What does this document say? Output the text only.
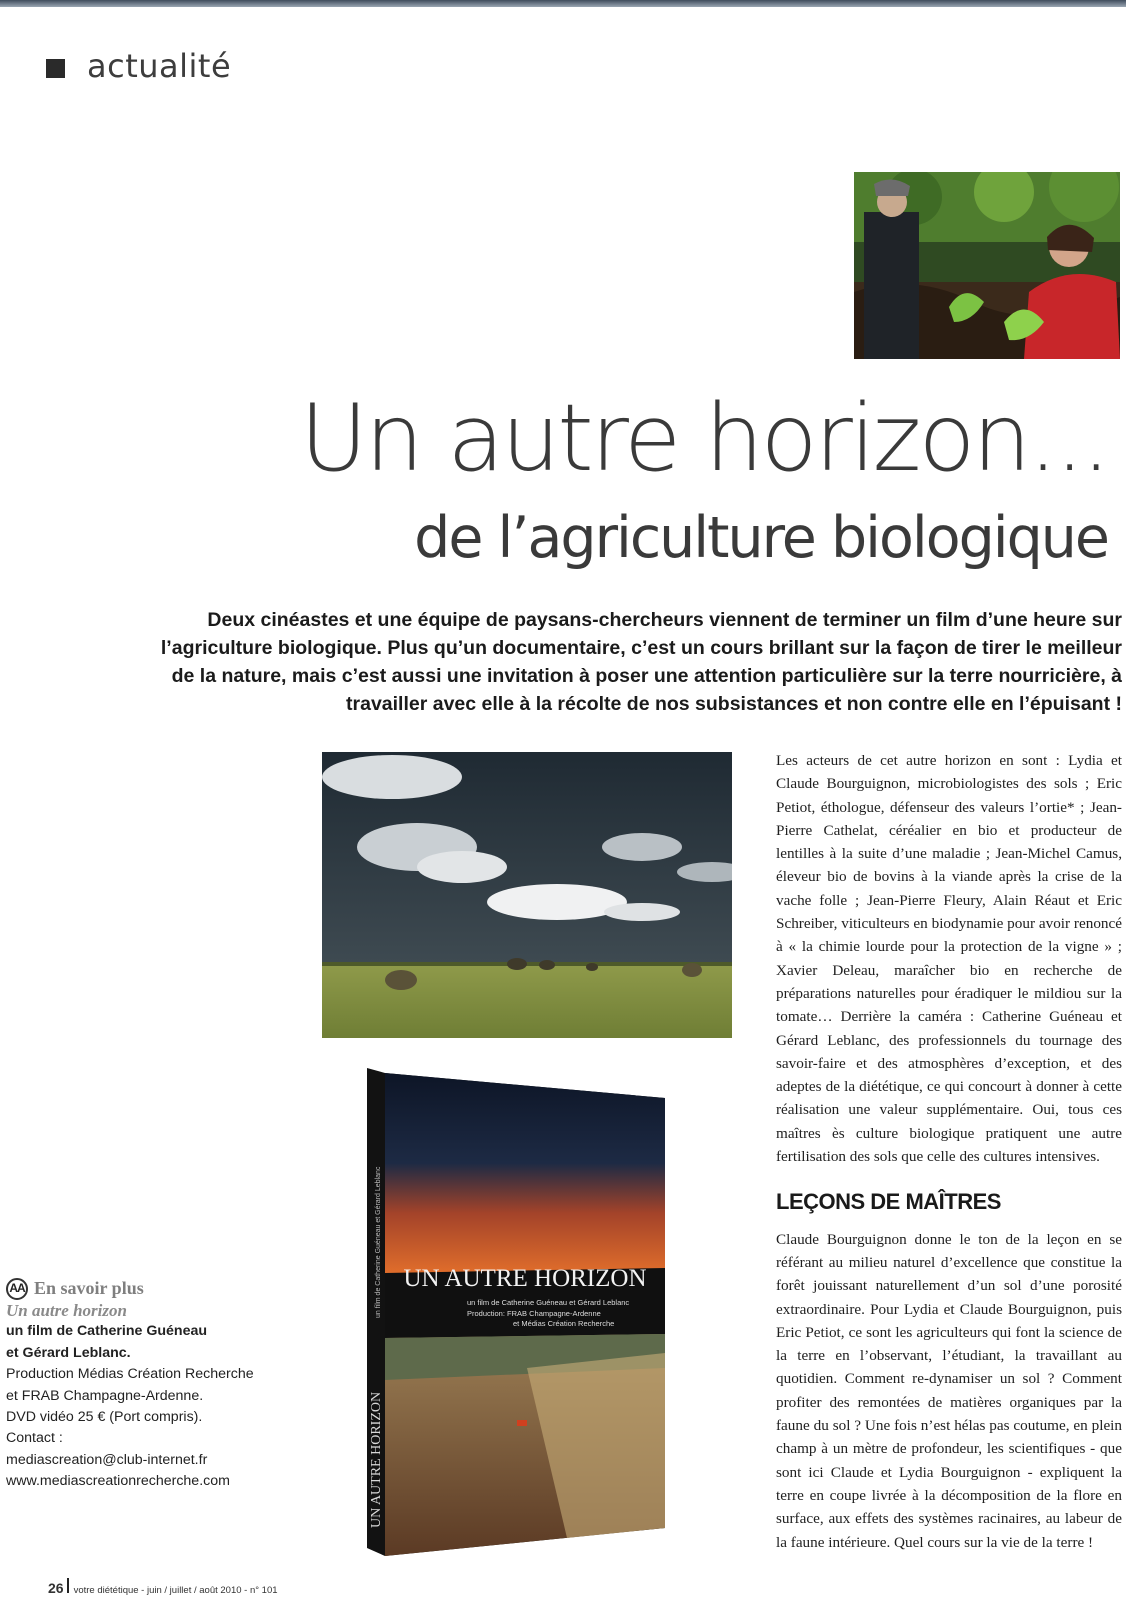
actualité
Un autre horizon...
de l’agriculture biologique
Deux cinéastes et une équipe de paysans-chercheurs viennent de terminer un film d’une heure sur l’agriculture biologique. Plus qu’un documentaire, c’est un cours brillant sur la façon de tirer le meilleur de la nature, mais c’est aussi une invitation à poser une attention particulière sur la terre nourricière, à travailler avec elle à la récolte de nos subsistances et non contre elle en l’épuisant !
UN AUTRE HORIZON
un film de Catherine Guéneau et Gérard Leblanc
Production: FRAB Champagne-Ardenne
et Médias Création Recherche
UN AUTRE HORIZON
un film de Catherine Guéneau et Gérard Leblanc

Les acteurs de cet autre horizon en sont : Lydia et Claude Bourguignon, microbiologistes des sols ; Eric Petiot, éthologue, défenseur des valeurs l’ortie* ; Jean-Pierre Cathelat, céréalier en bio et producteur de lentilles à la suite d’une maladie ; Jean-Michel Camus, éleveur bio de bovins à la viande après la crise de la vache folle ; Jean-Pierre Fleury, Alain Réaut et Eric Schreiber, viticulteurs en biodynamie pour avoir renoncé à « la chimie lourde pour la protection de la vigne » ; Xavier Deleau, maraîcher bio en recherche de préparations naturelles pour éradiquer le mildiou sur la tomate… Derrière la caméra : Catherine Guéneau et Gérard Leblanc, des professionnels du tournage des savoir-faire et des atmosphères d’exception, et des adeptes de la diététique, ce qui concourt à donner à cette réalisation une valeur supplémentaire. Oui, tous ces maîtres ès culture biologique pratiquent une autre fertilisation des sols que celle des cultures intensives.

LEÇONS DE MAÎTRES

Claude Bourguignon donne le ton de la leçon en se référant au milieu naturel d’excellence que constitue la forêt jouissant naturellement d’un sol d’une porosité extraordinaire. Pour Lydia et Claude Bourguignon, puis Eric Petiot, ce sont les agriculteurs qui font la science de la terre en l’observant, l’étudiant, la travaillant au quotidien. Comment re-dynamiser un sol ? Comment profiter des remontées de matières organiques par la faune du sol ? Une fois n’est hélas pas coutume, en plein champ à un mètre de profondeur, les scientifiques - que sont ici Claude et Lydia Bourguignon - expliquent la terre en coupe livrée à la décomposition de la flore en surface, aux effets des systèmes racinaires, au labeur de la faune intérieure. Quel cours sur la vie de la terre !

AA En savoir plus
Un autre horizon
un film de Catherine Guéneau
et Gérard Leblanc.
Production Médias Création Recherche
et FRAB Champagne-Ardenne.
DVD vidéo 25 € (Port compris).
Contact :
mediascreation@club-internet.fr
www.mediascreationrecherche.com
26 votre diététique - juin / juillet / août 2010 - n° 101
